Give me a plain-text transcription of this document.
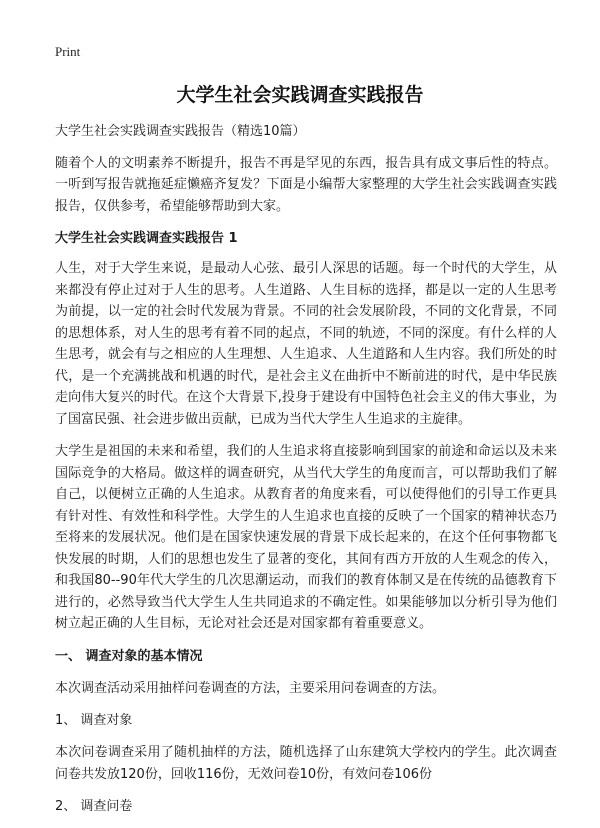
Print
大学生社会实践调查实践报告

大学生社会实践调查实践报告（精选10篇）

随着个人的文明素养不断提升，报告不再是罕见的东西，报告具有成文事后性的特点。一听到写报告就拖延症懒癌齐复发？下面是小编帮大家整理的大学生社会实践调查实践报告，仅供参考，希望能够帮助到大家。

大学生社会实践调查实践报告 1

人生，对于大学生来说，是最动人心弦、最引人深思的话题。每一个时代的大学生，从来都没有停止过对于人生的思考。人生道路、人生目标的选择，都是以一定的人生思考为前提，以一定的社会时代发展为背景。不同的社会发展阶段，不同的文化背景，不同的思想体系，对人生的思考有着不同的起点，不同的轨迹，不同的深度。有什么样的人生思考，就会有与之相应的人生理想、人生追求、人生道路和人生内容。我们所处的时代，是一个充满挑战和机遇的时代，是社会主义在曲折中不断前进的时代，是中华民族走向伟大复兴的时代。在这个大背景下,投身于建设有中国特色社会主义的伟大事业，为了国富民强、社会进步做出贡献，已成为当代大学生人生追求的主旋律。

大学生是祖国的未来和希望，我们的人生追求将直接影响到国家的前途和命运以及未来国际竞争的大格局。做这样的调查研究，从当代大学生的角度而言，可以帮助我们了解自己，以便树立正确的人生追求。从教育者的角度来看，可以使得他们的引导工作更具有针对性、有效性和科学性。大学生的人生追求也直接的反映了一个国家的精神状态乃至将来的发展状况。他们是在国家快速发展的背景下成长起来的，在这个任何事物都飞快发展的时期，人们的思想也发生了显著的变化，其间有西方开放的人生观念的传入，和我国80--90年代大学生的几次思潮运动，而我们的教育体制又是在传统的品德教育下进行的，必然导致当代大学生人生共同追求的不确定性。如果能够加以分析引导为他们树立起正确的人生目标，无论对社会还是对国家都有着重要意义。

一、 调查对象的基本情况

本次调查活动采用抽样问卷调查的方法，主要采用问卷调查的方法。

1、 调查对象

本次问卷调查采用了随机抽样的方法，随机选择了山东建筑大学校内的学生。此次调查问卷共发放120份，回收116份，无效问卷10份，有效问卷106份

2、 调查问卷
